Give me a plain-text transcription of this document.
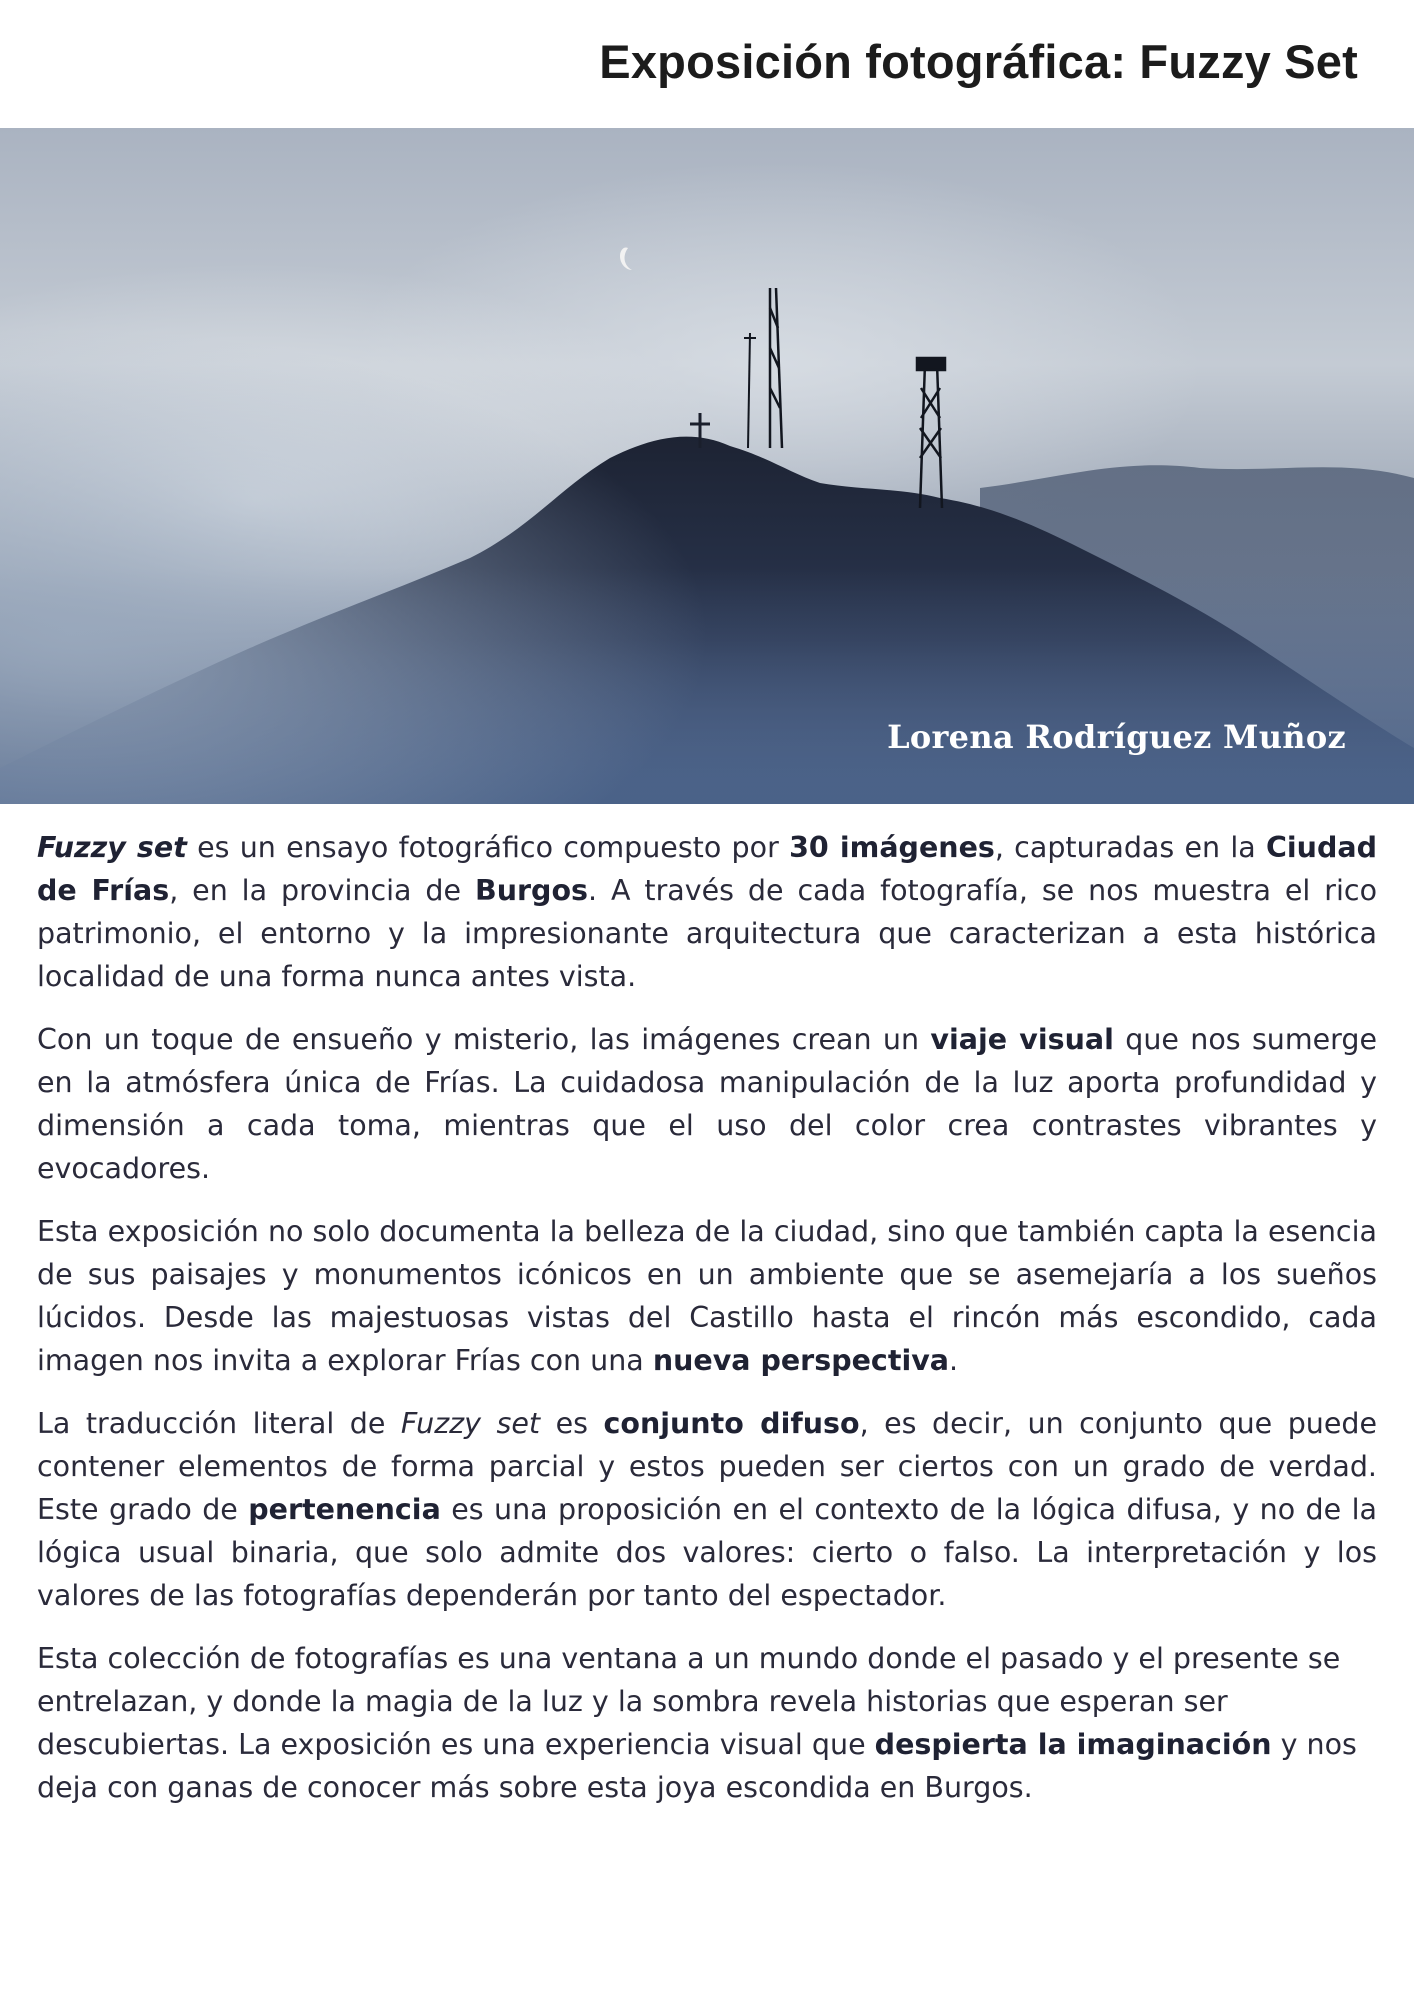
Exposición fotográfica: Fuzzy Set
Lorena Rodríguez Muñoz

Fuzzy set es un ensayo fotográfico compuesto por 30 imágenes, capturadas en la Ciudad de Frías, en la provincia de Burgos. A través de cada fotografía, se nos muestra el rico patrimonio, el entorno y la impresionante arquitectura que caracterizan a esta histórica localidad de una forma nunca antes vista.

Con un toque de ensueño y misterio, las imágenes crean un viaje visual que nos sumerge en la atmósfera única de Frías. La cuidadosa manipulación de la luz aporta profundidad y dimensión a cada toma, mientras que el uso del color crea contrastes vibrantes y evocadores.

Esta exposición no solo documenta la belleza de la ciudad, sino que también capta la esencia de sus paisajes y monumentos icónicos en un ambiente que se asemejaría a los sueños lúcidos. Desde las majestuosas vistas del Castillo hasta el rincón más escondido, cada imagen nos invita a explorar Frías con una nueva perspectiva.

La traducción literal de Fuzzy set es conjunto difuso, es decir, un conjunto que puede contener elementos de forma parcial y estos pueden ser ciertos con un grado de verdad. Este grado de pertenencia es una proposición en el contexto de la lógica difusa, y no de la lógica usual binaria, que solo admite dos valores: cierto o falso. La interpretación y los valores de las fotografías dependerán por tanto del espectador.

Esta colección de fotografías es una ventana a un mundo donde el pasado y el presente se entrelazan, y donde la magia de la luz y la sombra revela historias que esperan ser descubiertas. La exposición es una experiencia visual que despierta la imaginación y nos deja con ganas de conocer más sobre esta joya escondida en Burgos.
